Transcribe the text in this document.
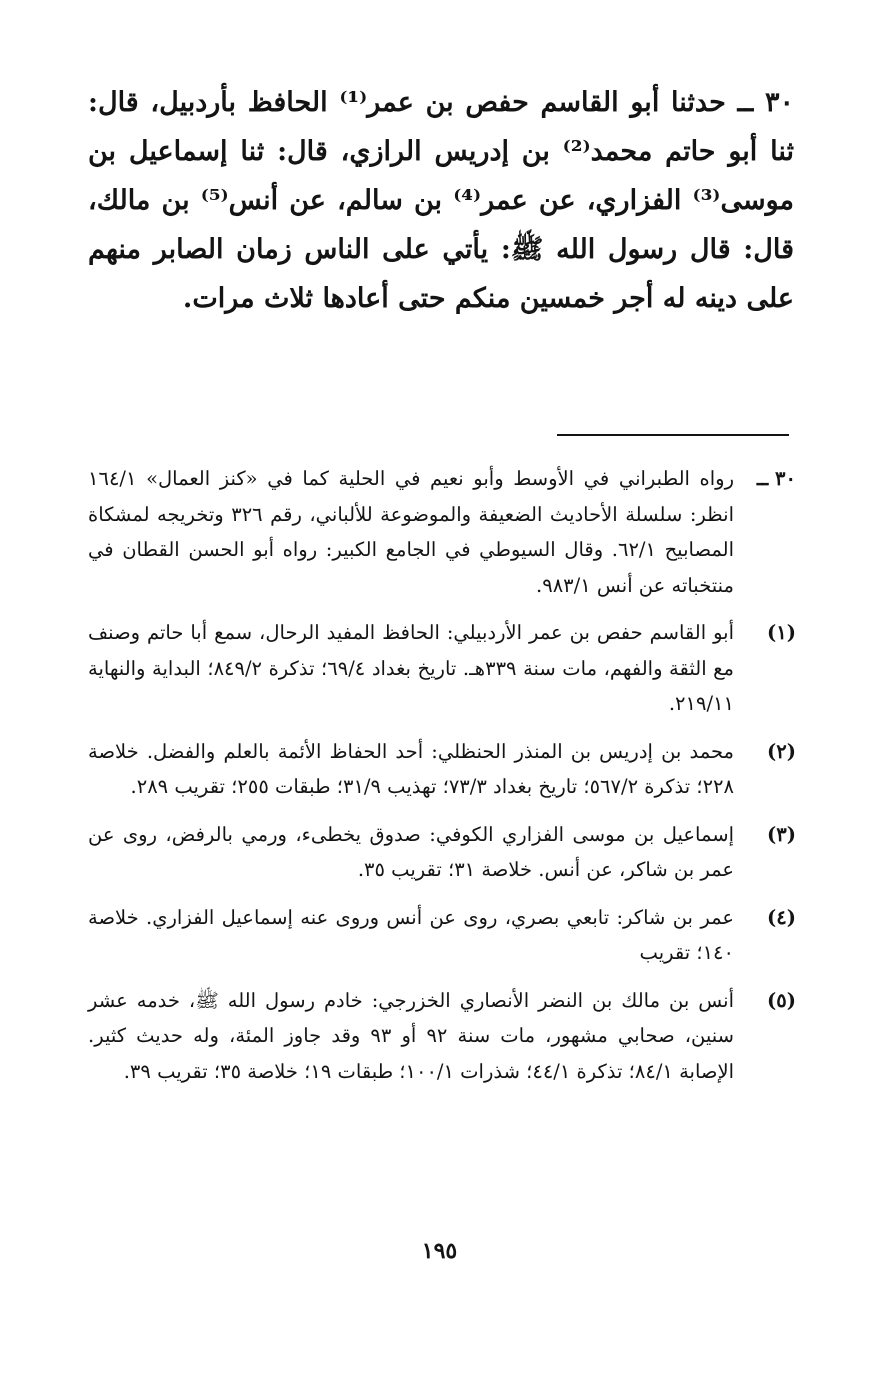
٣٠ ــ حدثنا أبو القاسم حفص بن عمر⁽¹⁾ الحافظ بأردبيل، قال: ثنا أبو حاتم محمد⁽²⁾ بن إدريس الرازي، قال: ثنا إسماعيل بن موسى⁽³⁾ الفزاري، عن عمر⁽⁴⁾ بن سالم، عن أنس⁽⁵⁾ بن مالك، قال: قال رسول الله ﷺ: يأتي على الناس زمان الصابر منهم على دينه له أجر خمسين منكم حتى أعادها ثلاث مرات.

٣٠ ــ
رواه الطبراني في الأوسط وأبو نعيم في الحلية كما في «كنز العمال» ١٦٤/١ انظر: سلسلة الأحاديث الضعيفة والموضوعة للألباني، رقم ٣٢٦ وتخريجه لمشكاة المصابيح ٦٢/١. وقال السيوطي في الجامع الكبير: رواه أبو الحسن القطان في منتخباته عن أنس ٩٨٣/١.
(١)
أبو القاسم حفص بن عمر الأردبيلي: الحافظ المفيد الرحال، سمع أبا حاتم وصنف مع الثقة والفهم، مات سنة ٣٣٩هـ. تاريخ بغداد ٦٩/٤؛ تذكرة ٨٤٩/٢؛ البداية والنهاية ٢١٩/١١.
(٢)
محمد بن إدريس بن المنذر الحنظلي: أحد الحفاظ الأئمة بالعلم والفضل. خلاصة ٢٢٨؛ تذكرة ٥٦٧/٢؛ تاريخ بغداد ٧٣/٣؛ تهذيب ٣١/٩؛ طبقات ٢٥٥؛ تقريب ٢٨٩.
(٣)
إسماعيل بن موسى الفزاري الكوفي: صدوق يخطىء، ورمي بالرفض، روى عن عمر بن شاكر، عن أنس. خلاصة ٣١؛ تقريب ٣٥.
(٤)
عمر بن شاكر: تابعي بصري، روى عن أنس وروى عنه إسماعيل الفزاري. خلاصة ١٤٠؛ تقريب
(٥)
أنس بن مالك بن النضر الأنصاري الخزرجي: خادم رسول الله ﷺ، خدمه عشر سنين، صحابي مشهور، مات سنة ٩٢ أو ٩٣ وقد جاوز المئة، وله حديث كثير. الإصابة ٨٤/١؛ تذكرة ٤٤/١؛ شذرات ١٠٠/١؛ طبقات ١٩؛ خلاصة ٣٥؛ تقريب ٣٩.
١٩٥
